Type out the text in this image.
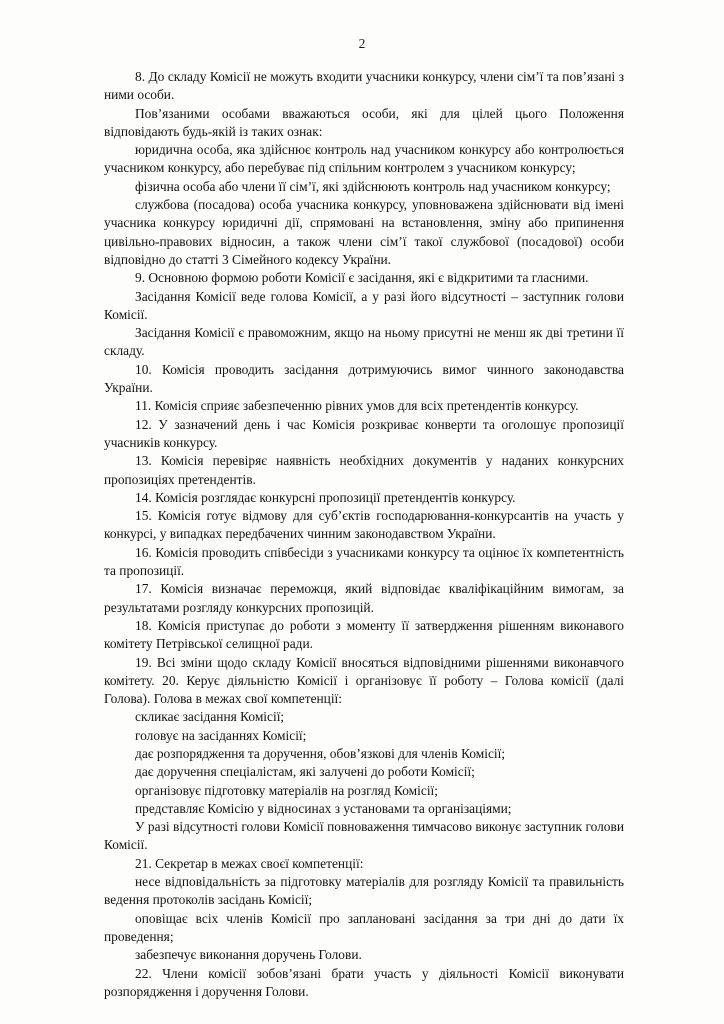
2

8. До складу Комісії не можуть входити учасники конкурсу, члени сім’ї та пов’язані з ними особи.

Пов’язаними особами вважаються особи, які для цілей цього Положення відповідають будь-якій із таких ознак:

юридична особа, яка здійснює контроль над учасником конкурсу або контролюється учасником конкурсу, або перебуває під спільним контролем з учасником конкурсу;

фізична особа або члени її сім’ї, які здійснюють контроль над учасником конкурсу;

службова (посадова) особа учасника конкурсу, уповноважена здійснювати від імені учасника конкурсу юридичні дії, спрямовані на встановлення, зміну або припинення цивільно-правових відносин, а також члени сім’ї такої службової (посадової) особи відповідно до статті 3 Сімейного кодексу України.

9. Основною формою роботи Комісії є засідання, які є відкритими та гласними.

Засідання Комісії веде голова Комісії, а у разі його відсутності – заступник голови Комісії.

Засідання Комісії є правоможним, якщо на ньому присутні не менш як дві третини її складу.

10. Комісія проводить засідання дотримуючись вимог чинного законодавства України.

11. Комісія сприяє забезпеченню рівних умов для всіх претендентів конкурсу.

12. У зазначений день і час Комісія розкриває конверти та оголошує пропозиції учасників конкурсу.

13. Комісія перевіряє наявність необхідних документів у наданих конкурсних пропозиціях претендентів.

14. Комісія розглядає конкурсні пропозиції претендентів конкурсу.

15. Комісія готує відмову для суб’єктів господарювання-конкурсантів на участь у конкурсі, у випадках передбачених чинним законодавством України.

16. Комісія проводить співбесіди з учасниками конкурсу та оцінює їх компетентність та пропозиції.

17. Комісія визначає переможця, який відповідає кваліфікаційним вимогам, за результатами розгляду конкурсних пропозицій.

18. Комісія приступає до роботи з моменту її затвердження рішенням виконавого комітету Петрівської селищної ради.

19. Всі зміни щодо складу Комісії вносяться відповідними рішеннями виконавчого комітету. 20. Керує діяльністю Комісії і організовує її роботу – Голова комісії (далі Голова). Голова в межах свої компетенції:

скликає засідання Комісії;

головує на засіданнях Комісії;

дає розпорядження та доручення, обов’язкові для членів Комісії;

дає доручення спеціалістам, які залучені до роботи Комісії;

організовує підготовку матеріалів на розгляд Комісії;

представляє Комісію у відносинах з установами та організаціями;

У разі відсутності голови Комісії повноваження тимчасово виконує заступник голови Комісії.

21. Секретар в межах своєї компетенції:

несе відповідальність за підготовку матеріалів для розгляду Комісії та правильність ведення протоколів засідань Комісії;

оповіщає всіх членів Комісії про заплановані засідання за три дні до дати їх проведення;

забезпечує виконання доручень Голови.

22. Члени комісії зобов’язані брати участь у діяльності Комісії виконувати розпорядження і доручення Голови.
